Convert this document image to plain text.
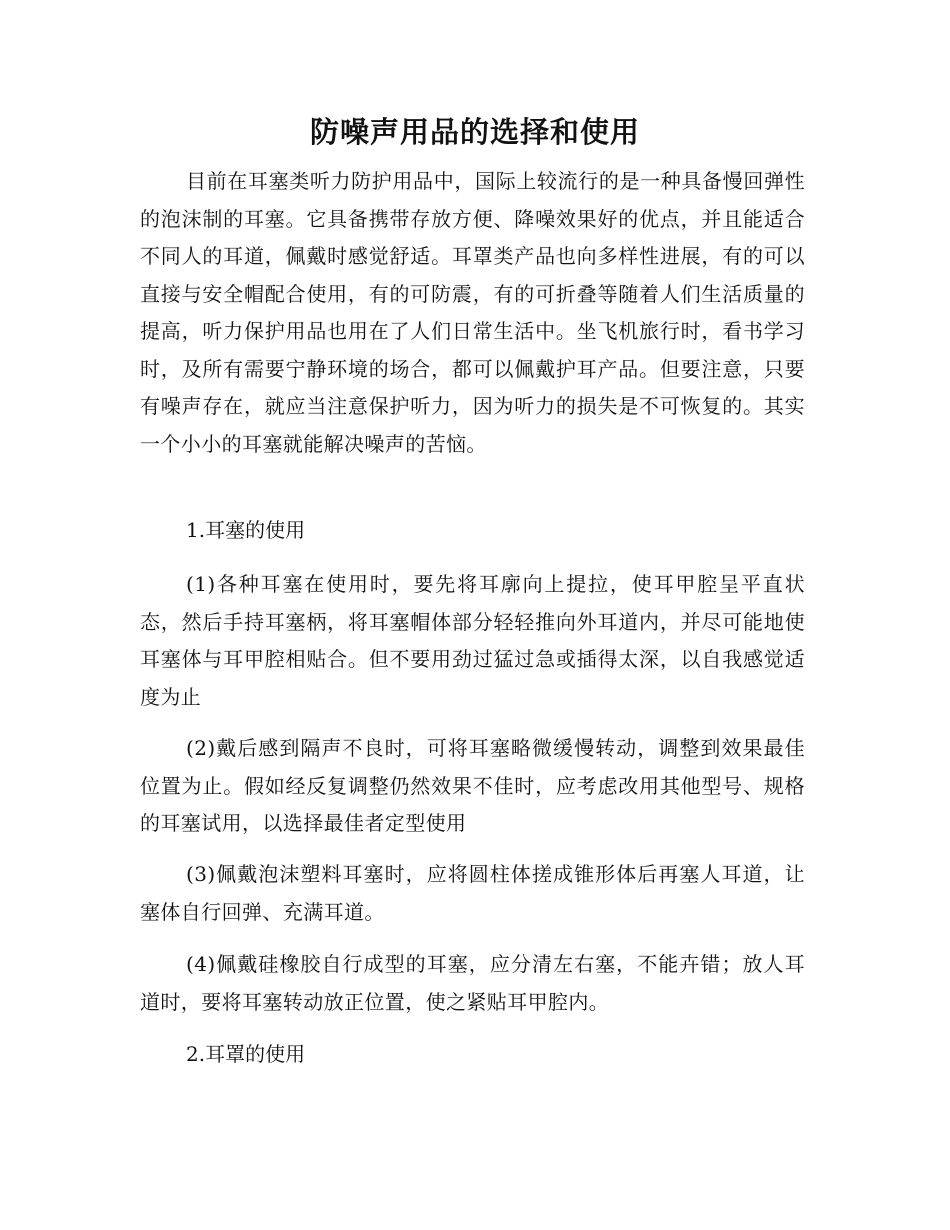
防噪声用品的选择和使用

目前在耳塞类听力防护用品中，国际上较流行的是一种具备慢回弹性的泡沫制的耳塞。它具备携带存放方便、降噪效果好的优点，并且能适合不同人的耳道，佩戴时感觉舒适。耳罩类产品也向多样性进展，有的可以直接与安全帽配合使用，有的可防震，有的可折叠等随着人们生活质量的提高，听力保护用品也用在了人们日常生活中。坐飞机旅行时，看书学习时，及所有需要宁静环境的场合，都可以佩戴护耳产品。但要注意，只要有噪声存在，就应当注意保护听力，因为听力的损失是不可恢复的。其实一个小小的耳塞就能解决噪声的苦恼。

1.耳塞的使用

(1)各种耳塞在使用时，要先将耳廓向上提拉，使耳甲腔呈平直状态，然后手持耳塞柄，将耳塞帽体部分轻轻推向外耳道内，并尽可能地使耳塞体与耳甲腔相贴合。但不要用劲过猛过急或插得太深，以自我感觉适度为止

(2)戴后感到隔声不良时，可将耳塞略微缓慢转动，调整到效果最佳位置为止。假如经反复调整仍然效果不佳时，应考虑改用其他型号、规格的耳塞试用，以选择最佳者定型使用

(3)佩戴泡沫塑料耳塞时，应将圆柱体搓成锥形体后再塞人耳道，让塞体自行回弹、充满耳道。

(4)佩戴硅橡胶自行成型的耳塞，应分清左右塞，不能卉错；放人耳道时，要将耳塞转动放正位置，使之紧贴耳甲腔内。

2.耳罩的使用
